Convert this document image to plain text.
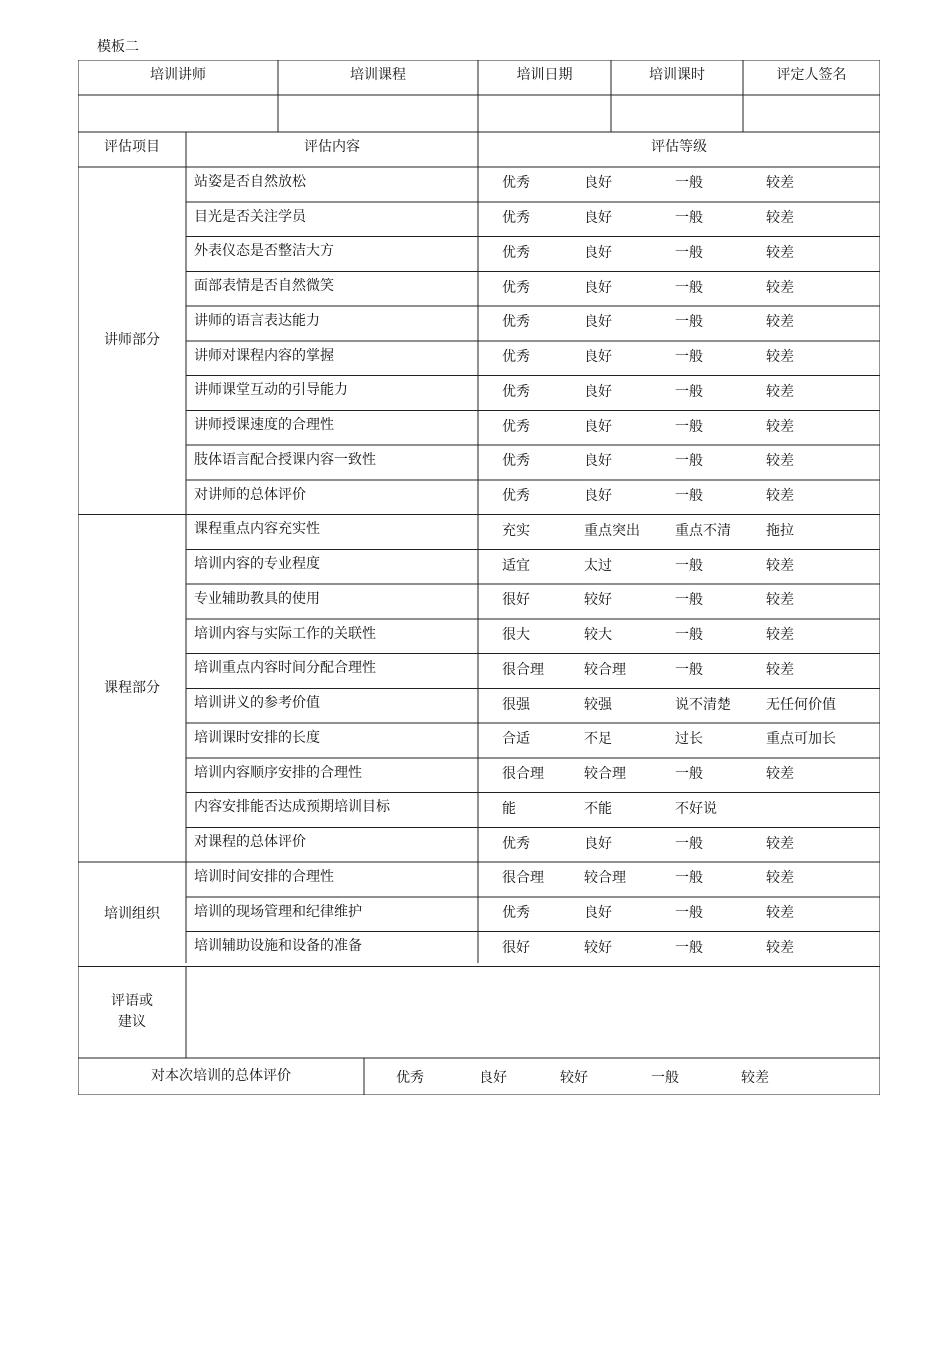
模板二
培训讲师	培训课程	培训日期	培训课时	评定人签名
评估项目	评估内容	评估等级
站姿是否自然放松	优秀	良好	一般	较差
目光是否关注学员	优秀	良好	一般	较差
外表仪态是否整洁大方	优秀	良好	一般	较差
面部表情是否自然微笑	优秀	良好	一般	较差
讲师的语言表达能力	优秀	良好	一般	较差
讲师对课程内容的掌握	优秀	良好	一般	较差
讲师课堂互动的引导能力	优秀	良好	一般	较差
讲师授课速度的合理性	优秀	良好	一般	较差
肢体语言配合授课内容一致性	优秀	良好	一般	较差
对讲师的总体评价	优秀	良好	一般	较差
讲师部分
课程重点内容充实性	充实	重点突出	重点不清	拖拉
培训内容的专业程度	适宜	太过	一般	较差
专业辅助教具的使用	很好	较好	一般	较差
培训内容与实际工作的关联性	很大	较大	一般	较差
培训重点内容时间分配合理性	很合理	较合理	一般	较差
培训讲义的参考价值	很强	较强	说不清楚	无任何价值
培训课时安排的长度	合适	不足	过长	重点可加长
培训内容顺序安排的合理性	很合理	较合理	一般	较差
内容安排能否达成预期培训目标	能	不能	不好说
对课程的总体评价	优秀	良好	一般	较差
课程部分
培训时间安排的合理性	很合理	较合理	一般	较差
培训的现场管理和纪律维护	优秀	良好	一般	较差
培训辅助设施和设备的准备	很好	较好	一般	较差
培训组织
评语或
建议
对本次培训的总体评价	优秀	良好	较好	一般	较差
